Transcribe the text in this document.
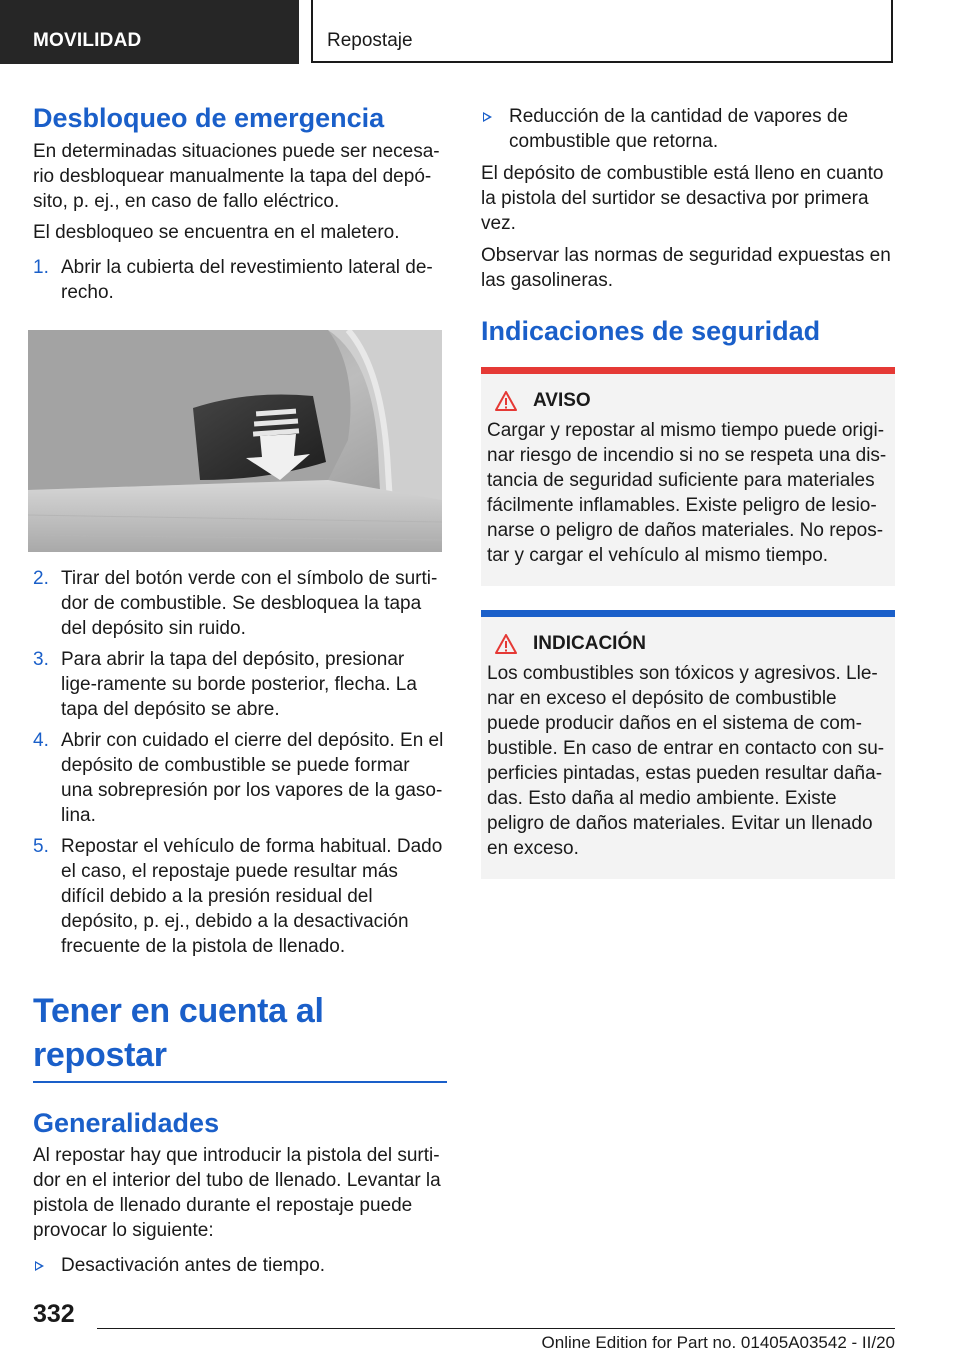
MOVILIDAD	Repostaje
Desbloqueo de emergencia

En determinadas situaciones puede ser necesa‐rio desbloquear manualmente la tapa del depó‐sito, p. ej., en caso de fallo eléctrico.

El desbloqueo se encuentra en el maletero.

1. Abrir la cubierta del revestimiento lateral de‐recho.
2. Tirar del botón verde con el símbolo de surti‐dor de combustible. Se desbloquea la tapa del depósito sin ruido.
3. Para abrir la tapa del depósito, presionar lige‐ramente su borde posterior, flecha. La tapa del depósito se abre.
4. Abrir con cuidado el cierre del depósito. En el depósito de combustible se puede formar una sobrepresión por los vapores de la gaso‐lina.
5. Repostar el vehículo de forma habitual. Dado el caso, el repostaje puede resultar más difícil debido a la presión residual del depósito, p. ej., debido a la desactivación frecuente de la pistola de llenado.
Tener en cuenta al repostar
Generalidades

Al repostar hay que introducir la pistola del surti‐dor en el interior del tubo de llenado. Levantar la pistola de llenado durante el repostaje puede provocar lo siguiente:

Desactivación antes de tiempo.
Reducción de la cantidad de vapores de combustible que retorna.

El depósito de combustible está lleno en cuanto la pistola del surtidor se desactiva por primera vez.

Observar las normas de seguridad expuestas en las gasolineras.

Indicaciones de seguridad
AVISO

Cargar y repostar al mismo tiempo puede origi‐nar riesgo de incendio si no se respeta una dis‐tancia de seguridad suficiente para materiales fácilmente inflamables. Existe peligro de lesio‐narse o peligro de daños materiales. No repos‐tar y cargar el vehículo al mismo tiempo.

INDICACIÓN

Los combustibles son tóxicos y agresivos. Lle‐nar en exceso el depósito de combustible puede producir daños en el sistema de com‐bustible. En caso de entrar en contacto con su‐perficies pintadas, estas pueden resultar daña‐das. Esto daña al medio ambiente. Existe peligro de daños materiales. Evitar un llenado en exceso.

332
Online Edition for Part no. 01405A03542 - II/20
